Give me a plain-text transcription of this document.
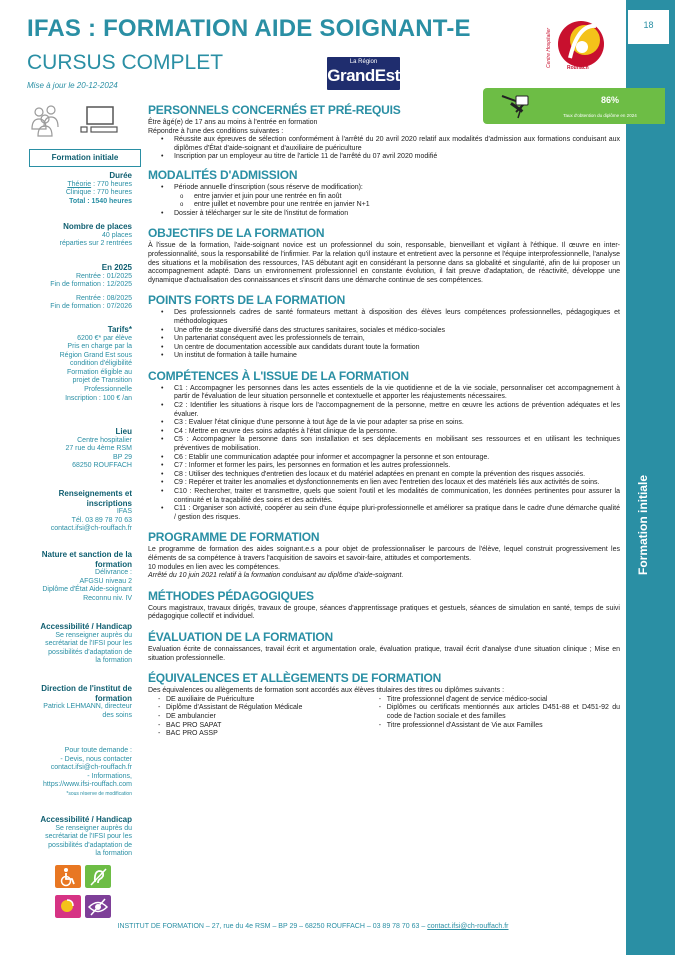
IFAS : FORMATION AIDE SOIGNANT-E
CURSUS COMPLET
Mise à jour le 20-12-2024
La Région
GrandEst
Centre Hospitalier	Rouffach
18
Formation initiale
86%
Taux d'obtention du diplôme en 2024
Formation initiale
Durée
Théorie : 770 heures
Clinique : 770 heures
Total : 1540 heures
Nombre de places
40 places
réparties sur 2 rentrées
En 2025
Rentrée : 01/2025
Fin de formation : 12/2025
Rentrée : 08/2025
Fin de formation : 07/2026
Tarifs*
6200 €* par élève
Pris en charge par la
Région Grand Est sous
condition d'éligibilité
Formation éligible au
projet de Transition
Professionnelle
Inscription : 100 € /an
Lieu
Centre hospitalier
27 rue du 4ème RSM
BP 29
68250 ROUFFACH
Renseignements et
inscriptions
IFAS
Tél. 03 89 78 70 63
contact.ifsi@ch-rouffach.fr
Nature et sanction de la
formation
Délivrance :
AFGSU niveau 2
Diplôme d'État Aide-soignant
Reconnu niv. IV
Accessibilité / Handicap
Se renseigner auprès du
secrétariat de l'IFSI pour les
possibilités d'adaptation de
la formation
Direction de l'institut de
formation
Patrick LEHMANN, directeur
des soins
Pour toute demande :
- Devis, nous contacter
contact.ifsi@ch-rouffach.fr
- Informations,
https://www.ifsi-rouffach.com
*sous réserve de modification
Accessibilité / Handicap
Se renseigner auprès du
secrétariat de l'IFSI pour les
possibilités d'adaptation de
la formation
PERSONNELS CONCERNÉS ET PRÉ-REQUIS

Être âgé(e) de 17 ans au moins à l'entrée en formation

Répondre à l'une des conditions suivantes :

• Réussite aux épreuves de sélection conformément à l'arrêté du 20 avril 2020 relatif aux modalités d'admission aux formations conduisant aux diplômes d'État d'aide-soignant et d'auxiliaire de puériculture
• Inscription par un employeur au titre de l'article 11 de l'arrêté du 07 avril 2020 modifié
MODALITÉS D'ADMISSION
• Période annuelle d'inscription (sous réserve de modification):
o entre janvier et juin pour une rentrée en fin août
o entre juillet et novembre pour une rentrée en janvier N+1
• Dossier à télécharger sur le site de l'institut de formation
OBJECTIFS DE LA FORMATION

À l'issue de la formation, l'aide-soignant novice est un professionnel du soin, responsable, bienveillant et vigilant à l'éthique. Il œuvre en inter-professionnalité, sous la responsabilité de l'infirmier. Par la relation qu'il instaure et entretient avec la personne et l'équipe interprofessionnelle, l'analyse des situations et la mobilisation des ressources, l'AS débutant agit en considérant la personne dans sa globalité et singularité, afin de lui proposer un accompagnement adapté. Dans un environnement professionnel en constante évolution, il fait preuve d'adaptation, de réactivité, développe une dynamique d'actualisation des connaissances et s'inscrit dans une démarche continue de ses compétences.

POINTS FORTS DE LA FORMATION
• Des professionnels cadres de santé formateurs mettant à disposition des élèves leurs compétences professionnelles, pédagogiques et méthodologiques
• Une offre de stage diversifié dans des structures sanitaires, sociales et médico-sociales
• Un partenariat conséquent avec les professionnels de terrain,
• Un centre de documentation accessible aux candidats durant toute la formation
• Un institut de formation à taille humaine
COMPÉTENCES À L'ISSUE DE LA FORMATION
• C1 : Accompagner les personnes dans les actes essentiels de la vie quotidienne et de la vie sociale, personnaliser cet accompagnement à partir de l'évaluation de leur situation personnelle et contextuelle et apporter les réajustements nécessaires.
• C2 : Identifier les situations à risque lors de l'accompagnement de la personne, mettre en œuvre les actions de prévention adéquates et les évaluer.
• C3 : Evaluer l'état clinique d'une personne à tout âge de la vie pour adapter sa prise en soins.
• C4 : Mettre en œuvre des soins adaptés à l'état clinique de la personne.
• C5 : Accompagner la personne dans son installation et ses déplacements en mobilisant ses ressources et en utilisant les techniques préventives de mobilisation.
• C6 : Etablir une communication adaptée pour informer et accompagner la personne et son entourage.
• C7 : Informer et former les pairs, les personnes en formation et les autres professionnels.
• C8 : Utiliser des techniques d'entretien des locaux et du matériel adaptées en prenant en compte la prévention des risques associés.
• C9 : Repérer et traiter les anomalies et dysfonctionnements en lien avec l'entretien des locaux et des matériels liés aux activités de soins.
• C10 : Rechercher, traiter et transmettre, quels que soient l'outil et les modalités de communication, les données pertinentes pour assurer la continuité et la traçabilité des soins et des activités.
• C11 : Organiser son activité, coopérer au sein d'une équipe pluri-professionnelle et améliorer sa pratique dans le cadre d'une démarche qualité / gestion des risques.
PROGRAMME DE FORMATION

Le programme de formation des aides soignant.e.s a pour objet de professionnaliser le parcours de l'élève, lequel construit progressivement les éléments de sa compétence à travers l'acquisition de savoirs et savoir-faire, attitudes et comportements.

10 modules en lien avec les compétences.

Arrêté du 10 juin 2021 relatif à la formation conduisant au diplôme d'aide-soignant.

MÉTHODES PÉDAGOGIQUES

Cours magistraux, travaux dirigés, travaux de groupe, séances d'apprentissage pratiques et gestuels, séances de simulation en santé, temps de suivi pédagogique collectif et individuel.

ÉVALUATION DE LA FORMATION

Evaluation écrite de connaissances, travail écrit et argumentation orale, évaluation pratique, travail écrit d'analyse d'une situation clinique ; Mise en situation professionnelle.

ÉQUIVALENCES ET ALLÈGEMENTS DE FORMATION

Des équivalences ou allègements de formation sont accordés aux élèves titulaires des titres ou diplômes suivants :

- DE auxiliaire de Puériculture
- Diplôme d'Assistant de Régulation Médicale
- DE ambulancier
- BAC PRO SAPAT
- BAC PRO ASSP
- Titre professionnel d'agent de service médico-social
- Diplômes ou certificats mentionnés aux articles D451-88 et D451-92 du code de l'action sociale et des familles
- Titre professionnel d'Assistant de Vie aux Familles
INSTITUT DE FORMATION – 27, rue du 4e RSM – BP 29 – 68250 ROUFFACH – 03 89 78 70 63 – contact.ifsi@ch-rouffach.fr
